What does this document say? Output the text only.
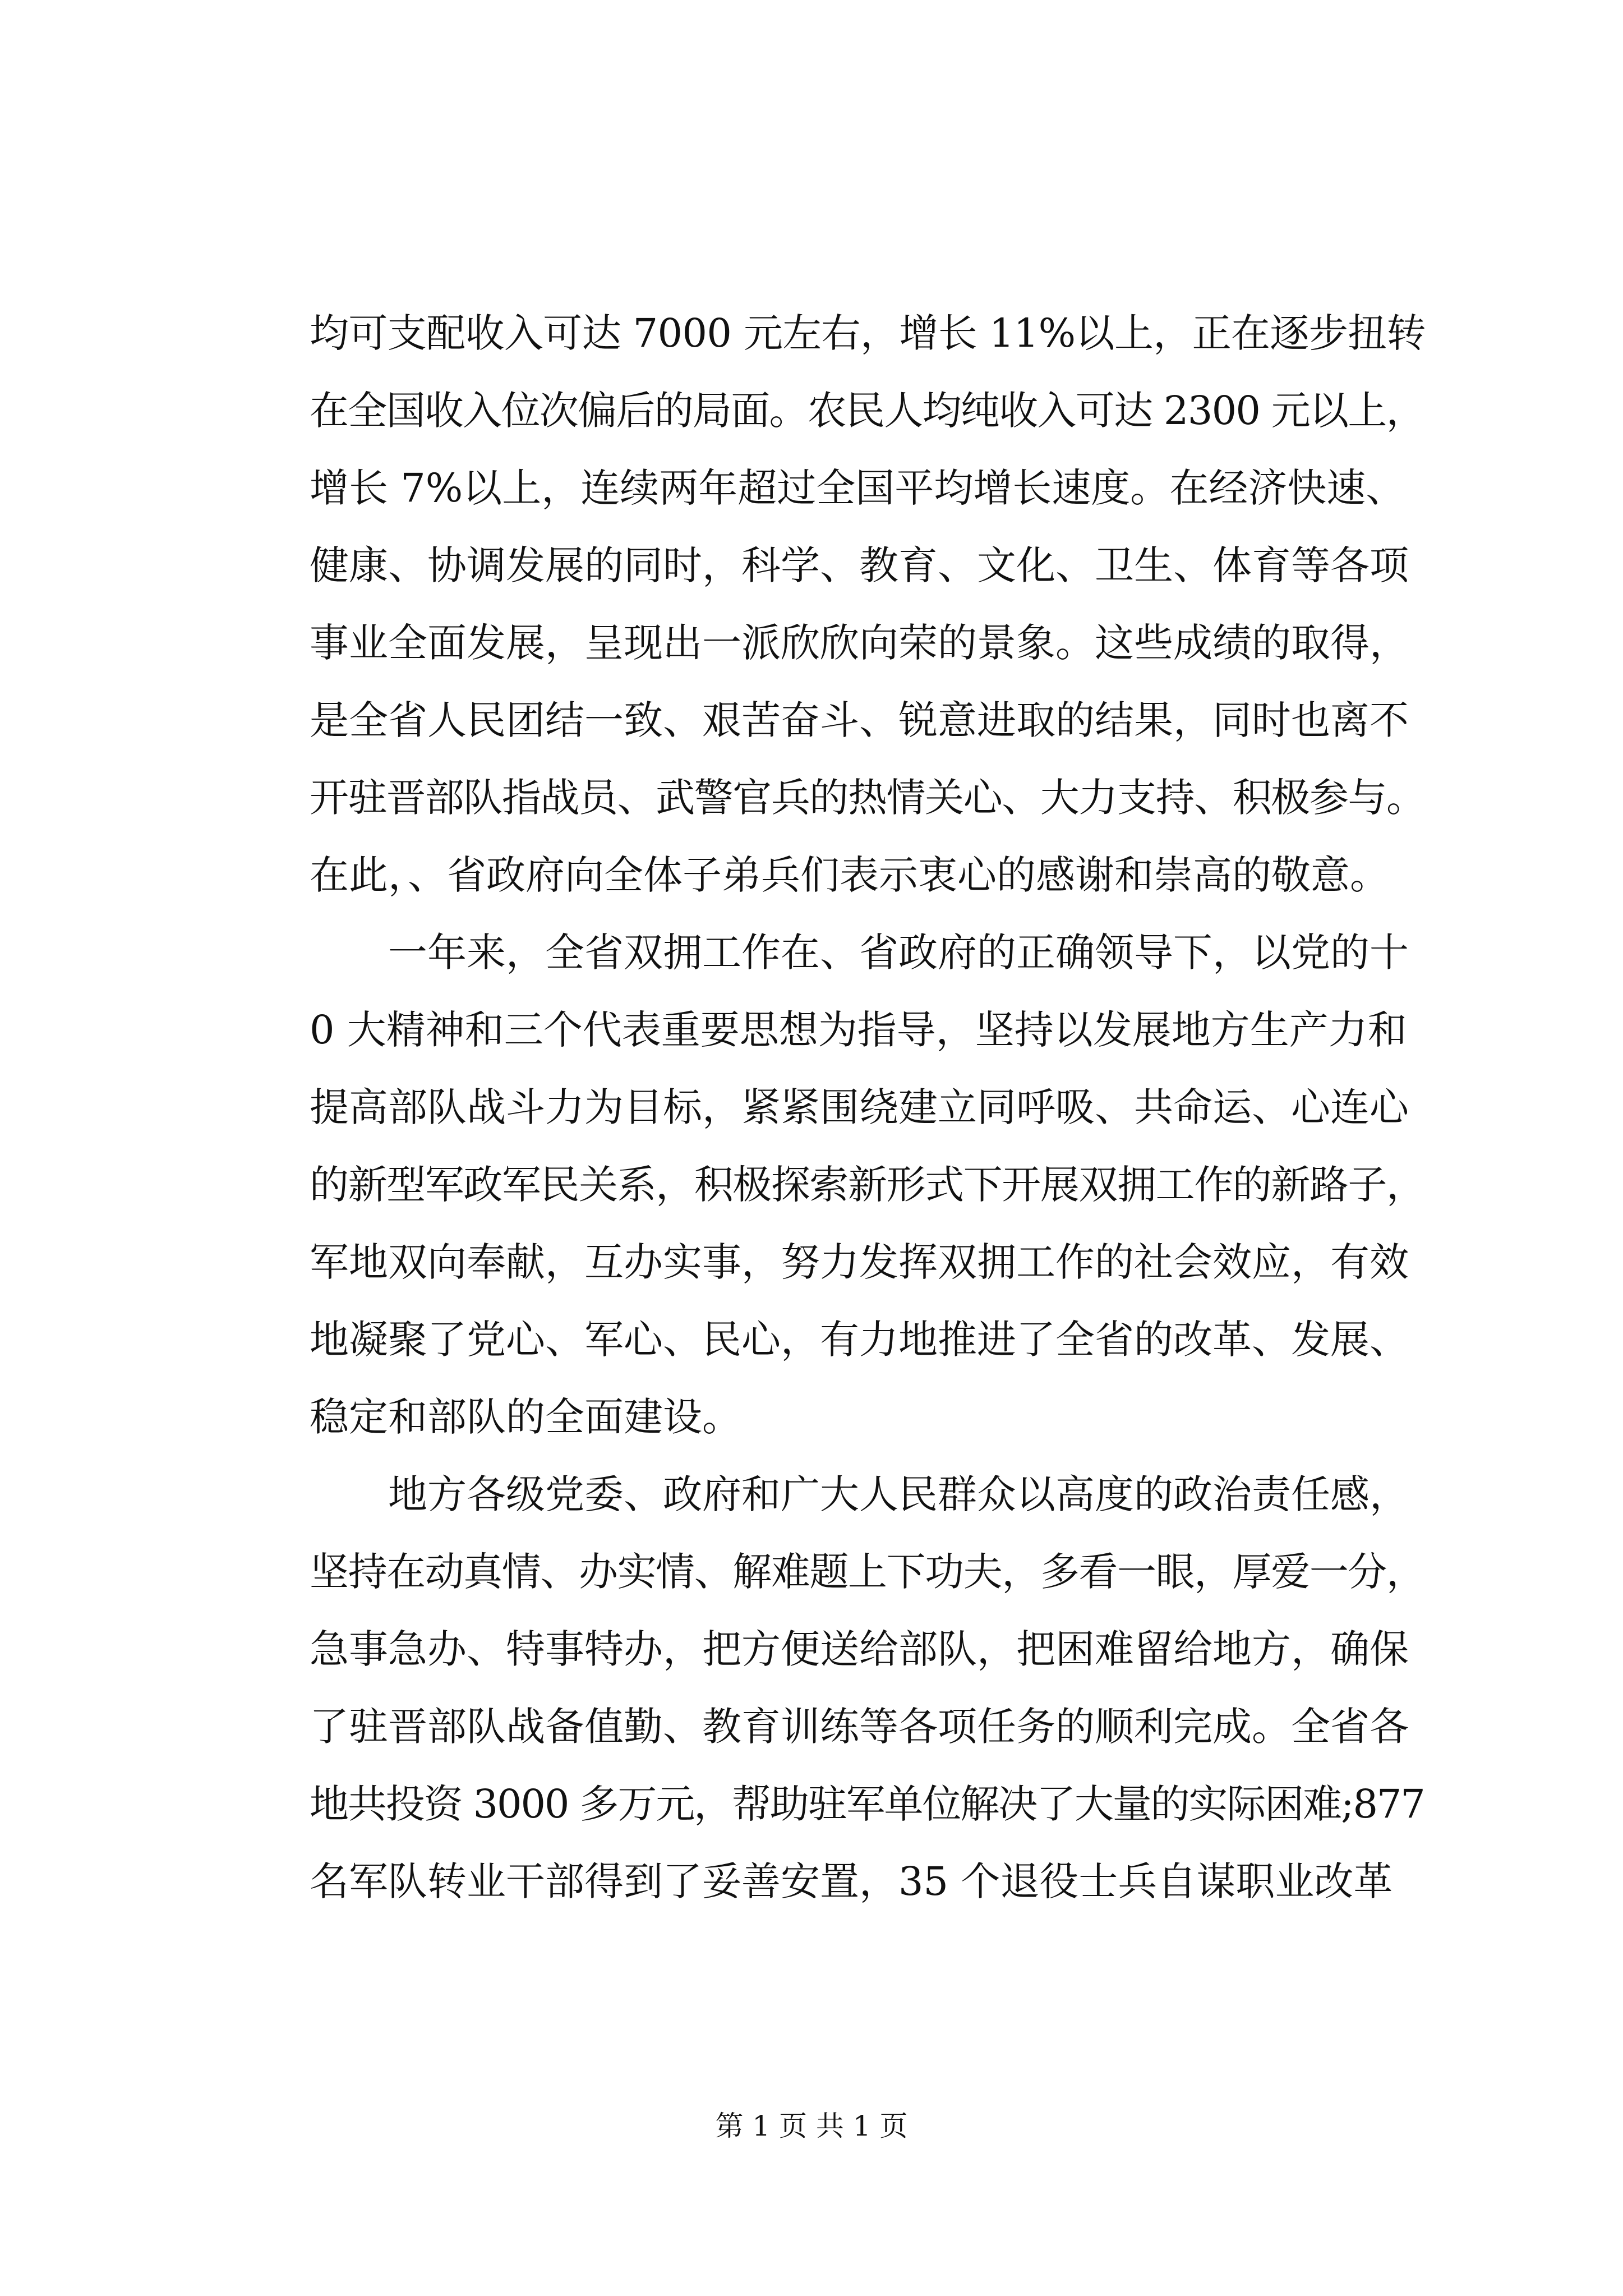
均可支配收入可达 7000 元左右，增长 11%以上，正在逐步扭转
在全国收入位次偏后的局面。农民人均纯收入可达 2300 元以上，
增长 7%以上，连续两年超过全国平均增长速度。在经济快速、
健康、协调发展的同时，科学、教育、文化、卫生、体育等各项
事业全面发展，呈现出一派欣欣向荣的景象。这些成绩的取得，
是全省人民团结一致、艰苦奋斗、锐意进取的结果，同时也离不
开驻晋部队指战员、武警官兵的热情关心、大力支持、积极参与。
在此，、省政府向全体子弟兵们表示衷心的感谢和崇高的敬意。
　　一年来，全省双拥工作在、省政府的正确领导下，以党的十
0 大精神和三个代表重要思想为指导，坚持以发展地方生产力和
提高部队战斗力为目标，紧紧围绕建立同呼吸、共命运、心连心
的新型军政军民关系，积极探索新形式下开展双拥工作的新路子，
军地双向奉献，互办实事，努力发挥双拥工作的社会效应，有效
地凝聚了党心、军心、民心，有力地推进了全省的改革、发展、
稳定和部队的全面建设。
　　地方各级党委、政府和广大人民群众以高度的政治责任感，
坚持在动真情、办实情、解难题上下功夫，多看一眼，厚爱一分，
急事急办、特事特办，把方便送给部队，把困难留给地方，确保
了驻晋部队战备值勤、教育训练等各项任务的顺利完成。全省各
地共投资 3000 多万元，帮助驻军单位解决了大量的实际困难;877
名军队转业干部得到了妥善安置，35 个退役士兵自谋职业改革
第 1 页 共 1 页
